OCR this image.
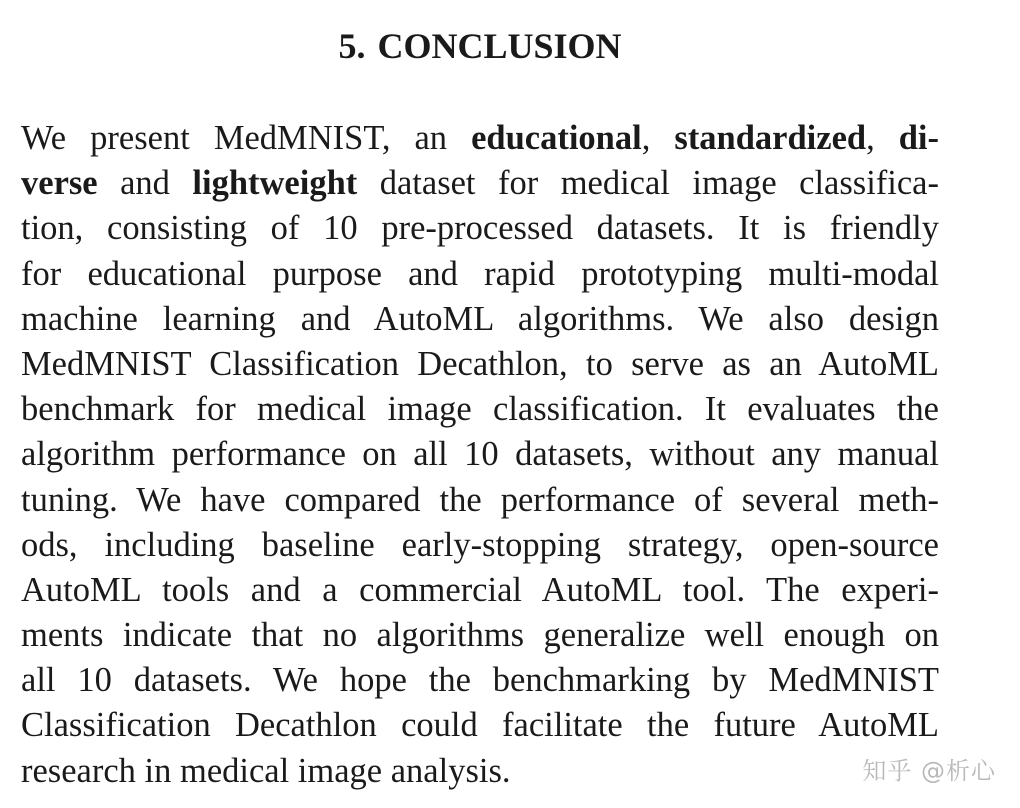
5. CONCLUSION
We present MedMNIST, an educational, standardized, di-
verse and lightweight dataset for medical image classifica-
tion, consisting of 10 pre-processed datasets. It is friendly
for educational purpose and rapid prototyping multi-modal
machine learning and AutoML algorithms. We also design
MedMNIST Classification Decathlon, to serve as an AutoML
benchmark for medical image classification. It evaluates the
algorithm performance on all 10 datasets, without any manual
tuning. We have compared the performance of several meth-
ods, including baseline early-stopping strategy, open-source
AutoML tools and a commercial AutoML tool. The experi-
ments indicate that no algorithms generalize well enough on
all 10 datasets. We hope the benchmarking by MedMNIST
Classification Decathlon could facilitate the future AutoML
research in medical image analysis.	知乎 @析心
